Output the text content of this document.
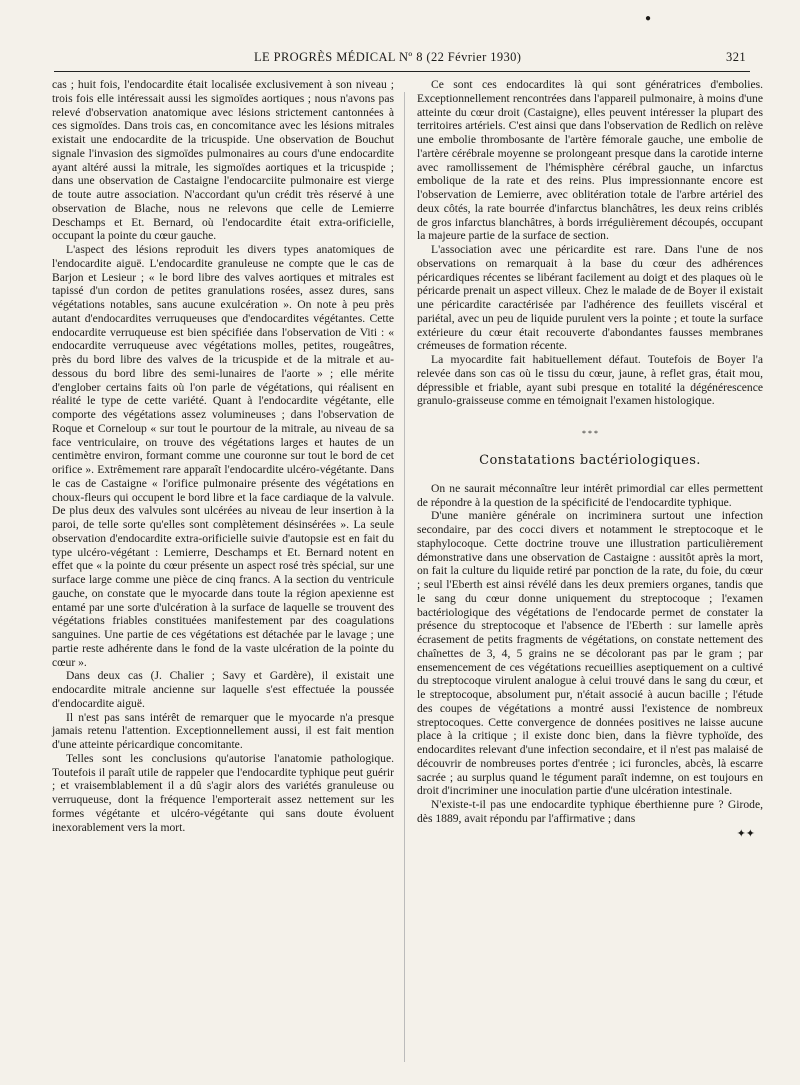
●
LE PROGRÈS MÉDICAL Nº 8 (22 Février 1930)	321

cas ; huit fois, l'endocardite était localisée exclusivement à son niveau ; trois fois elle intéressait aussi les sigmoïdes aortiques ; nous n'avons pas relevé d'observation anatomique avec lésions strictement cantonnées à ces sigmoïdes. Dans trois cas, en concomitance avec les lésions mitrales existait une endocardite de la tricuspide. Une observation de Bouchut signale l'invasion des sigmoïdes pulmonaires au cours d'une endocardite ayant altéré aussi la mitrale, les sigmoïdes aortiques et la tricuspide ; dans une observation de Castaigne l'endocarciite pulmonaire est vierge de toute autre association. N'accordant qu'un crédit très réservé à une observation de Blache, nous ne relevons que celle de Lemierre Deschamps et Et. Bernard, où l'endocardite était extra-orificielle, occupant la pointe du cœur gauche.

L'aspect des lésions reproduit les divers types anatomiques de l'endocardite aiguë. L'endocardite granuleuse ne compte que le cas de Barjon et Lesieur ; « le bord libre des valves aortiques et mitrales est tapissé d'un cordon de petites granulations rosées, assez dures, sans végétations notables, sans aucune exulcération ». On note à peu près autant d'endocardites verruqueuses que d'endocardites végétantes. Cette endocardite verruqueuse est bien spécifiée dans l'observation de Viti : « endocardite verruqueuse avec végétations molles, petites, rougeâtres, près du bord libre des valves de la tricuspide et de la mitrale et au-dessous du bord libre des semi-lunaires de l'aorte » ; elle mérite d'englober certains faits où l'on parle de végétations, qui réalisent en réalité le type de cette variété. Quant à l'endocardite végétante, elle comporte des végétations assez volumineuses ; dans l'observation de Roque et Corneloup « sur tout le pourtour de la mitrale, au niveau de sa face ventriculaire, on trouve des végétations larges et hautes de un centimètre environ, formant comme une couronne sur tout le bord de cet orifice ». Extrêmement rare apparaît l'endocardite ulcéro-végétante. Dans le cas de Castaigne « l'orifice pulmonaire présente des végétations en choux-fleurs qui occupent le bord libre et la face cardiaque de la valvule. De plus deux des valvules sont ulcérées au niveau de leur insertion à la paroi, de telle sorte qu'elles sont complètement désinsérées ». La seule observation d'endocardite extra-orificielle suivie d'autopsie est en fait du type ulcéro-végétant : Lemierre, Deschamps et Et. Bernard notent en effet que « la pointe du cœur présente un aspect rosé très spécial, sur une surface large comme une pièce de cinq francs. A la section du ventricule gauche, on constate que le myocarde dans toute la région apexienne est entamé par une sorte d'ulcération à la surface de laquelle se trouvent des végétations friables constituées manifestement par des coagulations sanguines. Une partie de ces végétations est détachée par le lavage ; une partie reste adhérente dans le fond de la vaste ulcération de la pointe du cœur ».

Dans deux cas (J. Chalier ; Savy et Gardère), il existait une endocardite mitrale ancienne sur laquelle s'est effectuée la poussée d'endocardite aiguë.

Il n'est pas sans intérêt de remarquer que le myocarde n'a presque jamais retenu l'attention. Exceptionnellement aussi, il est fait mention d'une atteinte péricardique concomitante.

Telles sont les conclusions qu'autorise l'anatomie pathologique. Toutefois il paraît utile de rappeler que l'endocardite typhique peut guérir ; et vraisemblablement il a dû s'agir alors des variétés granuleuse ou verruqueuse, dont la fréquence l'emporterait assez nettement sur les formes végétante et ulcéro-végétante qui sans doute évoluent inexorablement vers la mort.

Ce sont ces endocardites là qui sont génératrices d'embolies. Exceptionnellement rencontrées dans l'appareil pulmonaire, à moins d'une atteinte du cœur droit (Castaigne), elles peuvent intéresser la plupart des territoires artériels. C'est ainsi que dans l'observation de Redlich on relève une embolie thrombosante de l'artère fémorale gauche, une embolie de l'artère cérébrale moyenne se prolongeant presque dans la carotide interne avec ramollissement de l'hémisphère cérébral gauche, un infarctus embolique de la rate et des reins. Plus impressionnante encore est l'observation de Lemierre, avec oblitération totale de l'arbre artériel des deux côtés, la rate bourrée d'infarctus blanchâtres, les deux reins criblés de gros infarctus blanchâtres, à bords irrégulièrement découpés, occupant la majeure partie de la surface de section.

L'association avec une péricardite est rare. Dans l'une de nos observations on remarquait à la base du cœur des adhérences péricardiques récentes se libérant facilement au doigt et des plaques où le péricarde prenait un aspect villeux. Chez le malade de de Boyer il existait une péricardite caractérisée par l'adhérence des feuillets viscéral et pariétal, avec un peu de liquide purulent vers la pointe ; et toute la surface extérieure du cœur était recouverte d'abondantes fausses membranes crémeuses de formation récente.

La myocardite fait habituellement défaut. Toutefois de Boyer l'a relevée dans son cas où le tissu du cœur, jaune, à reflet gras, était mou, dépressible et friable, ayant subi presque en totalité la dégénérescence granulo-graisseuse comme en témoignait l'examen histologique.

* * *
Constatations bactériologiques.

On ne saurait méconnaître leur intérêt primordial car elles permettent de répondre à la question de la spécificité de l'endocardite typhique.

D'une manière générale on incriminera surtout une infection secondaire, par des cocci divers et notamment le streptocoque et le staphylocoque. Cette doctrine trouve une illustration particulièrement démonstrative dans une observation de Castaigne : aussitôt après la mort, on fait la culture du liquide retiré par ponction de la rate, du foie, du cœur ; seul l'Eberth est ainsi révélé dans les deux premiers organes, tandis que le sang du cœur donne uniquement du streptocoque ; l'examen bactériologique des végétations de l'endocarde permet de constater la présence du streptocoque et l'absence de l'Eberth : sur lamelle après écrasement de petits fragments de végétations, on constate nettement des chaînettes de 3, 4, 5 grains ne se décolorant pas par le gram ; par ensemencement de ces végétations recueillies aseptiquement on a cultivé du streptocoque virulent analogue à celui trouvé dans le sang du cœur, et le streptocoque, absolument pur, n'était associé à aucun bacille ; l'étude des coupes de végétations a montré aussi l'existence de nombreux streptocoques. Cette convergence de données positives ne laisse aucune place à la critique ; il existe donc bien, dans la fièvre typhoïde, des endocardites relevant d'une infection secondaire, et il n'est pas malaisé de découvrir de nombreuses portes d'entrée ; ici furoncles, abcès, là escarre sacrée ; au surplus quand le tégument paraît indemne, on est toujours en droit d'incriminer une inoculation partie d'une ulcération intestinale.

N'existe-t-il pas une endocardite typhique éberthienne pure ? Girode, dès 1889, avait répondu par l'affirmative ; dans

✦✦
